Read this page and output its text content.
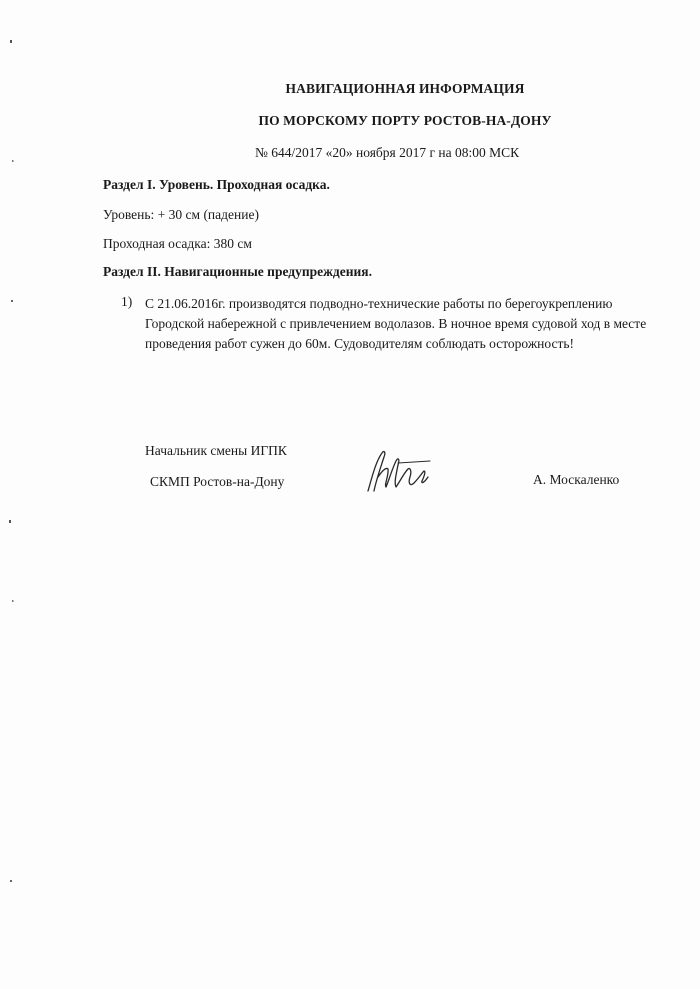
НАВИГАЦИОННАЯ ИНФОРМАЦИЯ
ПО МОРСКОМУ ПОРТУ РОСТОВ-НА-ДОНУ
№ 644/2017 «20» ноября 2017 г на 08:00 МСК
Раздел I. Уровень. Проходная осадка.
Уровень: + 30 см (падение)
Проходная осадка: 380 см
Раздел II. Навигационные предупреждения.
1) С 21.06.2016г. производятся подводно-технические работы по берегоукреплению
Городской набережной с привлечением водолазов. В ночное время судовой ход в месте
проведения работ сужен до 60м. Судоводителям соблюдать осторожность!
Начальник смены ИГПК
СКМП Ростов-на-Дону	А. Москаленко
